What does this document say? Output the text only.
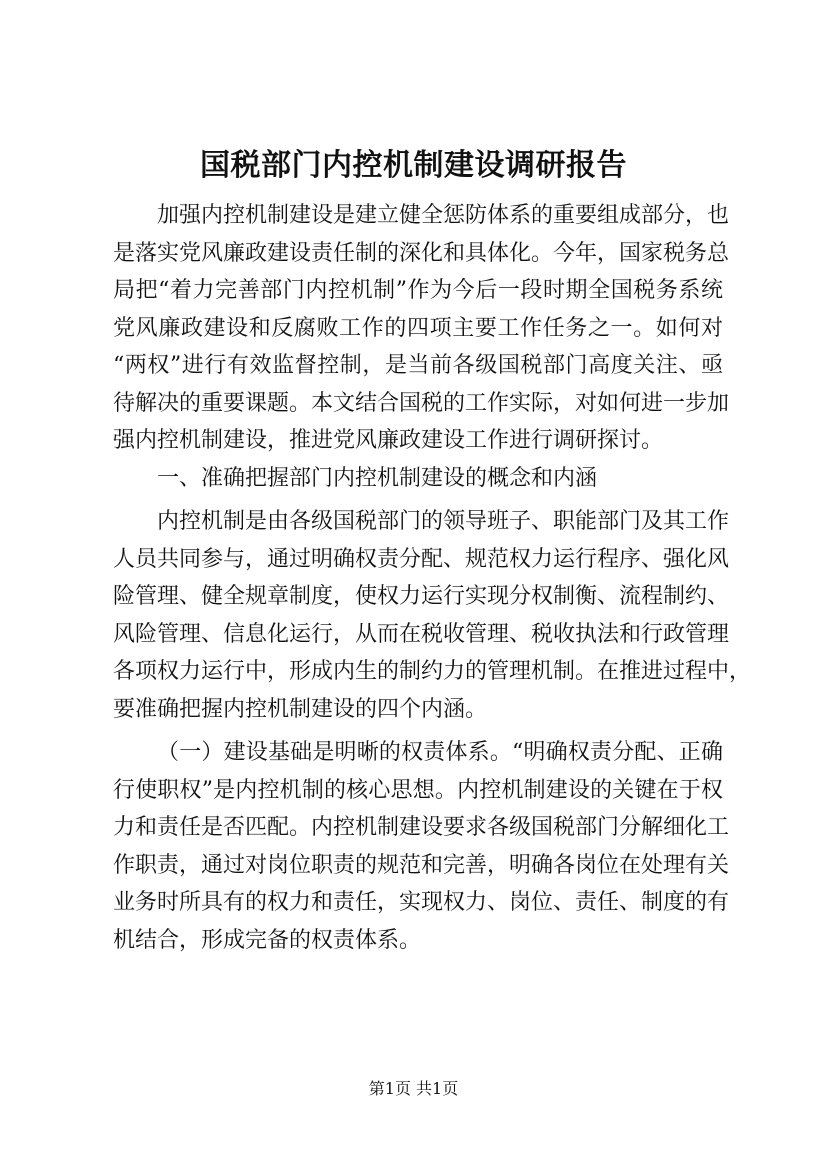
国税部门内控机制建设调研报告
加强内控机制建设是建立健全惩防体系的重要组成部分，也
是落实党风廉政建设责任制的深化和具体化。今年，国家税务总
局把“着力完善部门内控机制”作为今后一段时期全国税务系统
党风廉政建设和反腐败工作的四项主要工作任务之一。如何对
“两权”进行有效监督控制，是当前各级国税部门高度关注、亟
待解决的重要课题。本文结合国税的工作实际，对如何进一步加
强内控机制建设，推进党风廉政建设工作进行调研探讨。
一、准确把握部门内控机制建设的概念和内涵
内控机制是由各级国税部门的领导班子、职能部门及其工作
人员共同参与，通过明确权责分配、规范权力运行程序、强化风
险管理、健全规章制度，使权力运行实现分权制衡、流程制约、
风险管理、信息化运行，从而在税收管理、税收执法和行政管理
各项权力运行中，形成内生的制约力的管理机制。在推进过程中，
要准确把握内控机制建设的四个内涵。
（一）建设基础是明晰的权责体系。“明确权责分配、正确
行使职权”是内控机制的核心思想。内控机制建设的关键在于权
力和责任是否匹配。内控机制建设要求各级国税部门分解细化工
作职责，通过对岗位职责的规范和完善，明确各岗位在处理有关
业务时所具有的权力和责任，实现权力、岗位、责任、制度的有
机结合，形成完备的权责体系。
第1页 共1页
